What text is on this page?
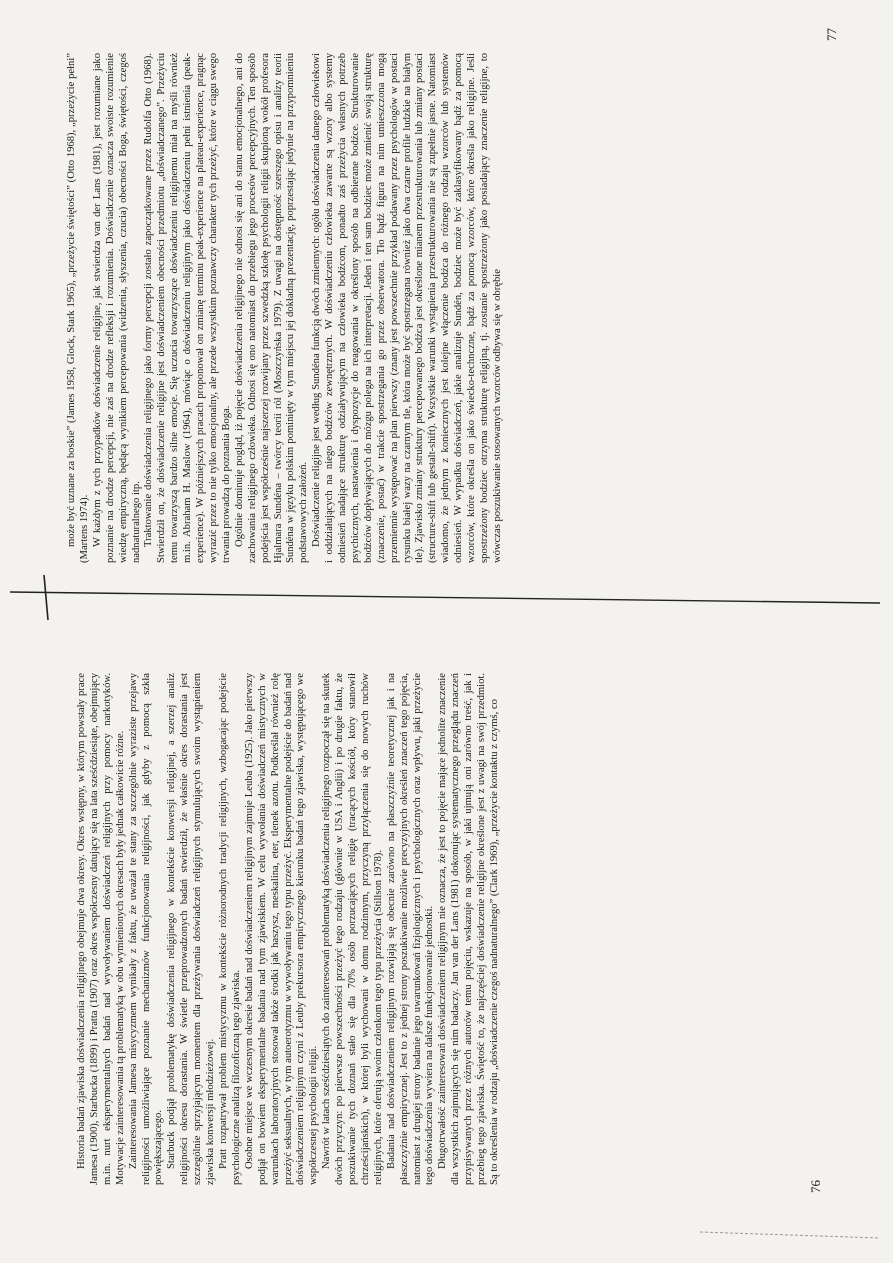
Historia badań zjawiska doświadczenia religijnego obejmuje dwa okresy. Okres wstępny, w którym powstały prace Jamesa (1900), Starbucka (1899) i Pratta (1907) oraz okres współczesny datujący się na lata sześćdziesiąte, obejmujący m.in. nurt eksperymentalnych badań nad wywoływaniem doświadczeń religijnych przy pomocy narkotyków. Motywacje zainteresowania tą problematyką w obu wymienionych okresach były jednak całkowicie różne. Zainteresowania Jamesa misycyzmem wynikały z faktu, że uważał te stany za szczególnie wyraziste przejawy religijności umożliwiające poznanie mechanizmów funkcjonowania religijności, jak gdyby z pomocą szkła powiększającego. Starbuck podjął problematykę doświadczenia religijnego w kontekście konwersji religijnej, a szerzej analiz religijności okresu dorastania. W świetle przeprowadzonych badań stwierdził, że właśnie okres dorastania jest szczególnie sprzyjającym momentem dla przeżywania doświadczeń religijnych stymulujących swoim wystąpieniem zjawiska konwersji młodzieżowej. Pratt rozpatrywał problem mistycyzmu w kontekście różnorodnych tradycji religijnych, wzbogacając podejście psychologiczne analizą filozoficzną tego zjawiska. Osobne miejsce we wczesnym okresie badań nad doświadczeniem religijnym zajmuje Leuba (1925). Jako pierwszy podjął on bowiem eksperymentalne badania nad tym zjawiskiem. W celu wywołania doświadczeń mistycznych w warunkach laboratoryjnych stosował także środki jak haszysz, meskalina, eter, tlenek azotu. Podkreślał również rolę przeżyć seksualnych, w tym autoerotyzmu w wywoływaniu tego typu przeżyć. Eksperymentalne podejście do badań nad doświadczeniem religijnym czyni z Leuby prekursora empirycznego kierunku badań tego zjawiska, występującego we współczesnej psychologii religii. Nawrót w latach sześćdziesiątych do zainteresowań problematyką doświadczenia religijnego rozpoczął się na skutek dwóch przyczyn: po pierwsze powszechności przeżyć tego rodzaju (głównie w USA i Anglii) i po drugie faktu, że poszukiwanie tych doznań stało się dla 70% osób porzucających religię (tracących kościół, który stanowił chrześcijańskich), w której byli wychowani w domu rodzinnym, przyczyną przyłączenia się do nowych ruchów religijnych, które oferują swoim członkom tego typu przeżycia (Stillson 1978). Badania nad doświadczeniem religijnym rozwijają się obecnie zarówno na płaszczyźnie teoretycznej jak i na płaszczyźnie empirycznej. Jest to z jednej strony poszukiwanie możliwie precyzyjnych określeń znaczeń tego pojęcia, natomiast z drugiej strony badanie jego uwarunkowań fizjologicznych i psychologicznych oraz wpływu, jaki przeżycie tego doświadczenia wywiera na dalsze funkcjonowanie jednostki. Długotrwałość zainteresowań doświadczeniem religijnym nie oznacza, że jest to pojęcie mające jednolite znaczenie dla wszystkich zajmujących się nim badaczy. Jan van der Lans (1981) dokonując systematycznego przeglądu znaczeń przypisywanych przez różnych autorów temu pojęciu, wskazuje na sposób, w jaki ujmują oni zarówno treść, jak i przebieg tego zjawiska. Świętość to, że najczęściej doświadczenie religijne określone jest z uwagi na swój przedmiot. Są to określenia w rodzaju „doświadczenie czegoś nadnaturalnego” (Clark 1969), „przeżycie kontaktu z czymś, co

76

może być uznane za boskie” (James 1958, Glock, Stark 1965), „przeżycie świętości” (Otto 1968), „przeżycie pełni” (Martens 1974). W każdym z tych przypadków doświadczenie religijne, jak stwierdza van der Lans (1981), jest rozumiane jako poznanie na drodze percepcji, nie zaś na drodze refleksji i rozumienia. Doświadczenie oznacza swoiste rozumienie wiedzę empiryczną, będącą wynikiem percepowania (widzenia, słyszenia, czucia) obecności Boga, świętości, czegoś nadnaturalnego itp. Traktowanie doświadczenia religijnego jako formy percepcji zostało zapoczątkowane przez Rudolfa Otto (1968). Stwierdził on, że doświadczenie religijne jest doświadczeniem obecności przedmiotu „doświadczanego”. Przeżyciu temu towarzyszą bardzo silne emocje. Się uczucia towarzyszące doświadczeniu religijnemu miał na myśli również m.in. Abraham H. Maslow (1964), mówiąc o doświadczeniu religijnym jako doświadczeniu pełni istnienia (peak-experience). W późniejszych pracach proponował on zmianę terminu peak-experience na plateau-experience, pragnąc wyrazić przez to nie tylko emocjonalny, ale przede wszystkim poznawczy charakter tych przeżyć, które w ciągu swego trwania prowadzą do poznania Boga. Ogólnie dominuje pogląd, iż pojęcie doświadczenia religijnego nie odnosi się ani do stanu emocjonalnego, ani do zachowania religijnego człowieka. Odnosi się ono natomiast do przebiegu jego procesów percepcyjnych. Ten sposób podejścia jest współcześnie najszerzej rozwijany przez szwedzką szkołę psychologii religii skupioną wokół profesora Hjalmara Sundéna – twórcy teorii ról (Moszczyńska 1979). Z uwagi na dostępność szerszego opisu i analizy teorii Sundéna w języku polskim pominięty w tym miejscu jej dokładną prezentację, poprzestając jedynie na przypomnieniu podstawowych założeń. Doświadczenie religijne jest według Sundéna funkcją dwóch zmiennych: ogółu doświadczenia danego człowiekowi i oddziałujących na niego bodźców zewnętrznych. W doświadczeniu człowieka zawarte są wzory albo systemy odniesień nadające strukturę odziaływującym na człowieka bodźcom, ponadto zaś przeżycia własnych potrzeb psychicznych, nastawienia i dyspozycje do reagowania w określony sposób na odbierane bodźce. Strukturowanie bodźców dopływających do mózgu polega na ich interpretacji. Jeden i ten sam bodziec może zmienić swoją strukturę (znaczenie, postać) w trakcie spostrzegania go przez obserwatora. Tło bądź figura na nim umieszczona mogą przemiennie występować na plan pierwszy (znany jest powszechnie przykład podawany przez psychologów w postaci rysunku białej wazy na czarnym tle, która może być spostrzegana również jako dwa czarne profile ludzkie na białym tle). Zjawisko zmiany struktury percepowanego bodźca jest określone mianem przestrukturowania lub zmiany postaci (structure-shift lub gestalt-shift). Wszystkie warunki wystąpienia przestrukturowania nie są zupełnie jasne. Natomiast wiadomo, że jednym z koniecznych jest kolejne włączenie bodźca do różnego rodzaju wzorców lub systemów odniesień. W wypadku doświadczeń, jakie analizuje Sundén, bodziec może być zaklasyfikowany bądź za pomocą wzorców, które określa on jako świecko-technczne, bądź za pomocą wzorców, które określa jako religijne. Jeśli spostrzeżony bodziec otrzyma strukturę religijną, tj. zostanie spostrzeżony jako posiadający znaczenie religijne, to wówczas poszukiwanie stosowanych wzorców odbywa się w obrębie

77
